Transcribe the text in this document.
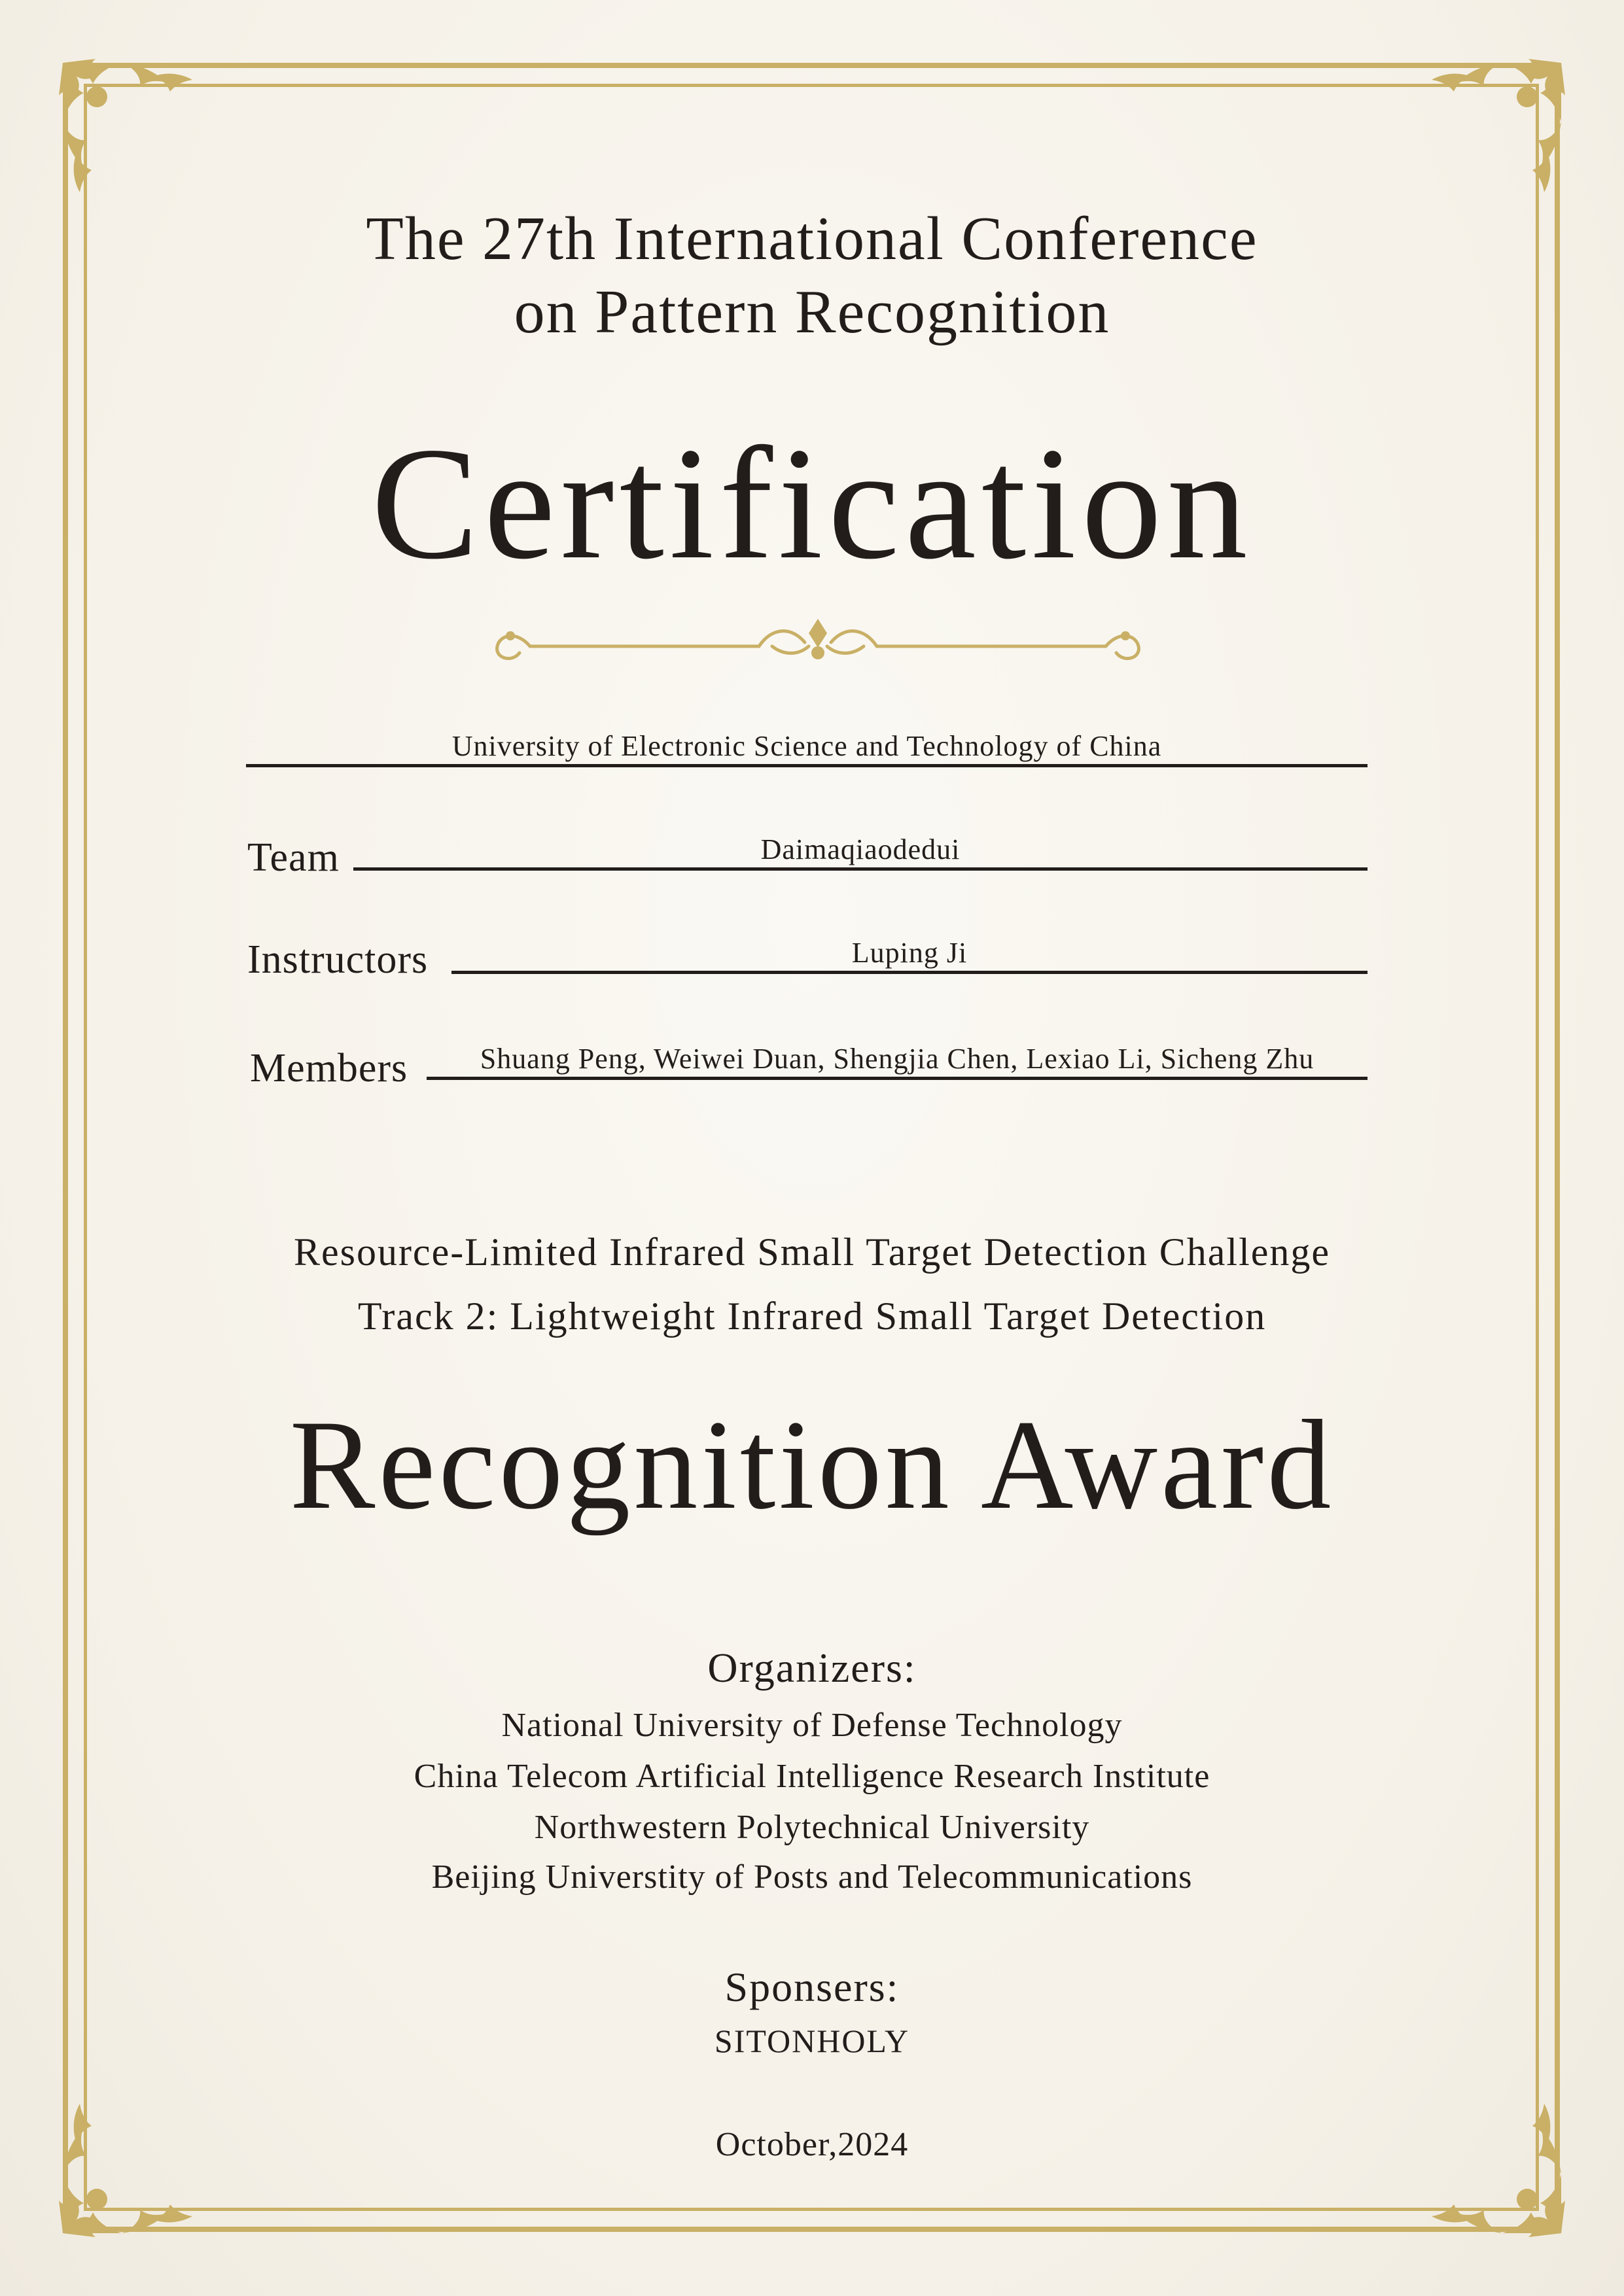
The 27th International Conference
on Pattern Recognition
Certification
University of Electronic Science and Technology of China
Team	Daimaqiaodedui
Instructors	Luping Ji
Members	Shuang Peng, Weiwei Duan, Shengjia Chen, Lexiao Li, Sicheng Zhu
Resource-Limited Infrared Small Target Detection Challenge
Track 2: Lightweight Infrared Small Target Detection
Recognition Award
Organizers:
National University of Defense Technology
China Telecom Artificial Intelligence Research Institute
Northwestern Polytechnical University
Beijing Universtity of Posts and Telecommunications
Sponsers:
SITONHOLY
October,2024
